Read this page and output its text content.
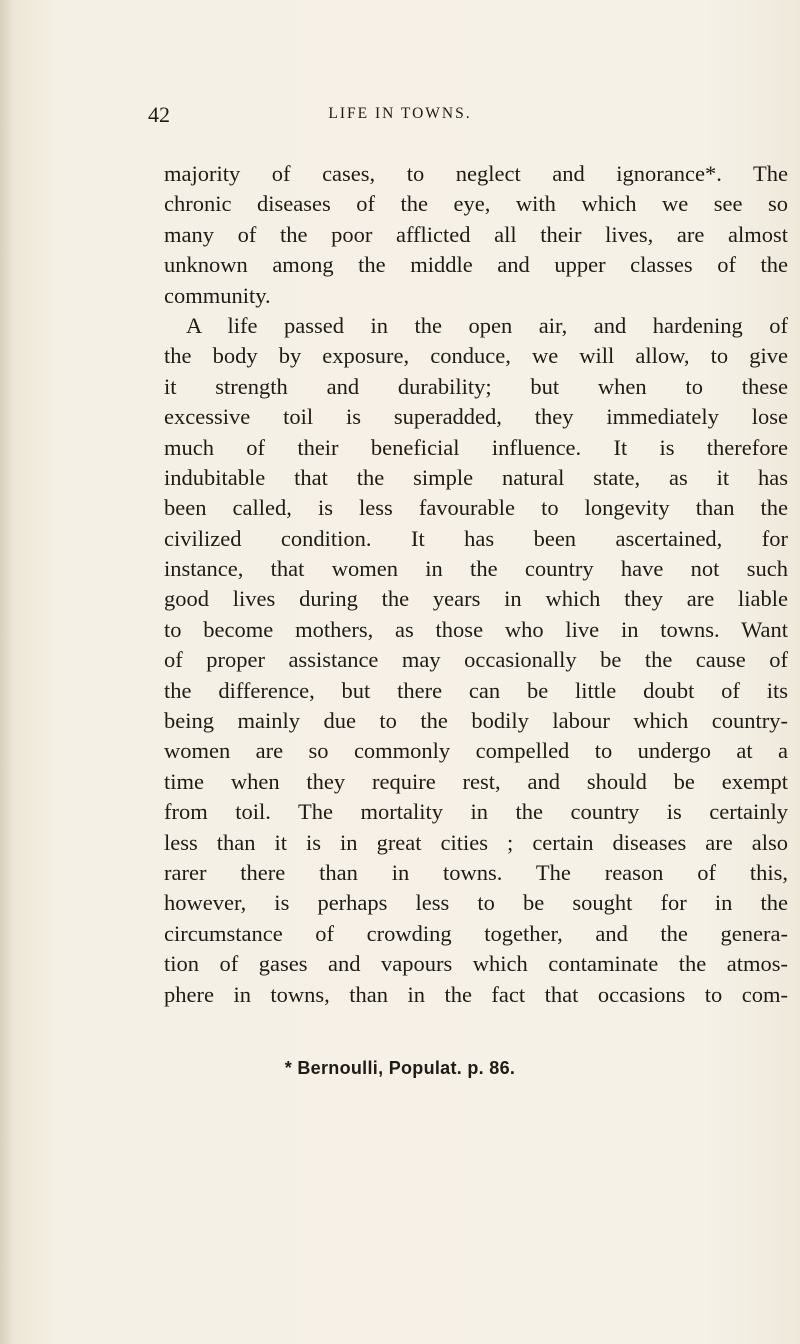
42	LIFE IN TOWNS.
majority of cases, to neglect and ignorance*. The
chronic diseases of the eye, with which we see so
many of the poor afflicted all their lives, are almost
unknown among the middle and upper classes of the
community.
A life passed in the open air, and hardening of
the body by exposure, conduce, we will allow, to give
it strength and durability; but when to these
excessive toil is superadded, they immediately lose
much of their beneficial influence. It is therefore
indubitable that the simple natural state, as it has
been called, is less favourable to longevity than the
civilized condition. It has been ascertained, for
instance, that women in the country have not such
good lives during the years in which they are liable
to become mothers, as those who live in towns. Want
of proper assistance may occasionally be the cause of
the difference, but there can be little doubt of its
being mainly due to the bodily labour which country-
women are so commonly compelled to undergo at a
time when they require rest, and should be exempt
from toil. The mortality in the country is certainly
less than it is in great cities ; certain diseases are also
rarer there than in towns. The reason of this,
however, is perhaps less to be sought for in the
circumstance of crowding together, and the genera-
tion of gases and vapours which contaminate the atmos-
phere in towns, than in the fact that occasions to com-
* Bernoulli, Populat. p. 86.
